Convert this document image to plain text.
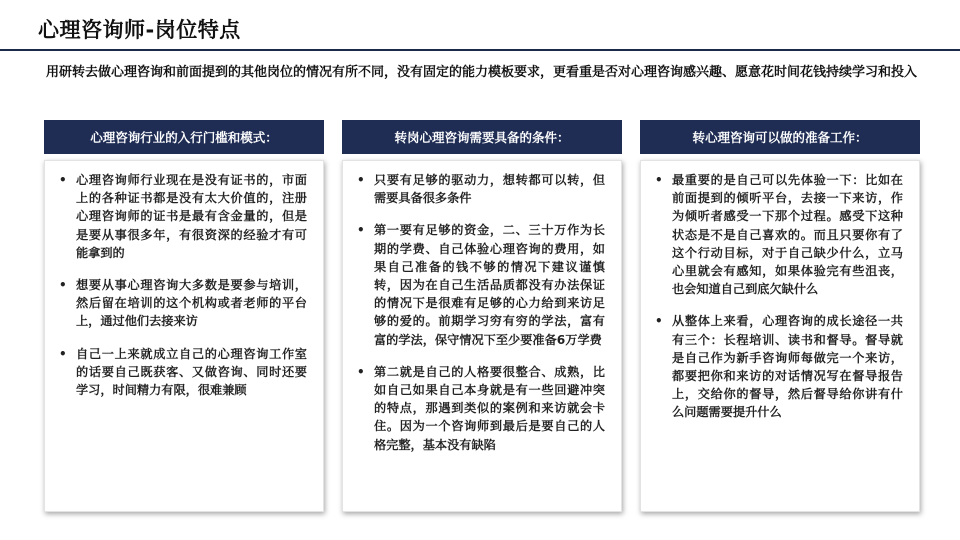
心理咨询师-岗位特点
用研转去做心理咨询和前面提到的其他岗位的情况有所不同，没有固定的能力模板要求，更看重是否对心理咨询感兴趣、愿意花时间花钱持续学习和投入
心理咨询行业的入行门槛和模式：
• 心理咨询师行业现在是没有证书的，市面上的各种证书都是没有太大价值的，注册心理咨询师的证书是最有含金量的，但是是要从事很多年，有很资深的经验才有可能拿到的
• 想要从事心理咨询大多数是要参与培训，然后留在培训的这个机构或者老师的平台上，通过他们去接来访
• 自己一上来就成立自己的心理咨询工作室的话要自己既获客、又做咨询、同时还要学习，时间精力有限，很难兼顾
转岗心理咨询需要具备的条件：
• 只要有足够的驱动力，想转都可以转，但需要具备很多条件
• 第一要有足够的资金，二、三十万作为长期的学费、自己体验心理咨询的费用，如果自己准备的钱不够的情况下建议谨慎转，因为在自己生活品质都没有办法保证的情况下是很难有足够的心力给到来访足够的爱的。前期学习穷有穷的学法，富有富的学法，保守情况下至少要准备6万学费
• 第二就是自己的人格要很整合、成熟，比如自己如果自己本身就是有一些回避冲突的特点，那遇到类似的案例和来访就会卡住。因为一个咨询师到最后是要自己的人格完整，基本没有缺陷
转心理咨询可以做的准备工作：
• 最重要的是自己可以先体验一下：比如在前面提到的倾听平台，去接一下来访，作为倾听者感受一下那个过程。感受下这种状态是不是自己喜欢的。而且只要你有了这个行动目标，对于自己缺少什么，立马心里就会有感知，如果体验完有些沮丧，也会知道自己到底欠缺什么
• 从整体上来看，心理咨询的成长途径一共有三个：长程培训、读书和督导。督导就是自己作为新手咨询师每做完一个来访，都要把你和来访的对话情况写在督导报告上，交给你的督导，然后督导给你讲有什么问题需要提升什么
